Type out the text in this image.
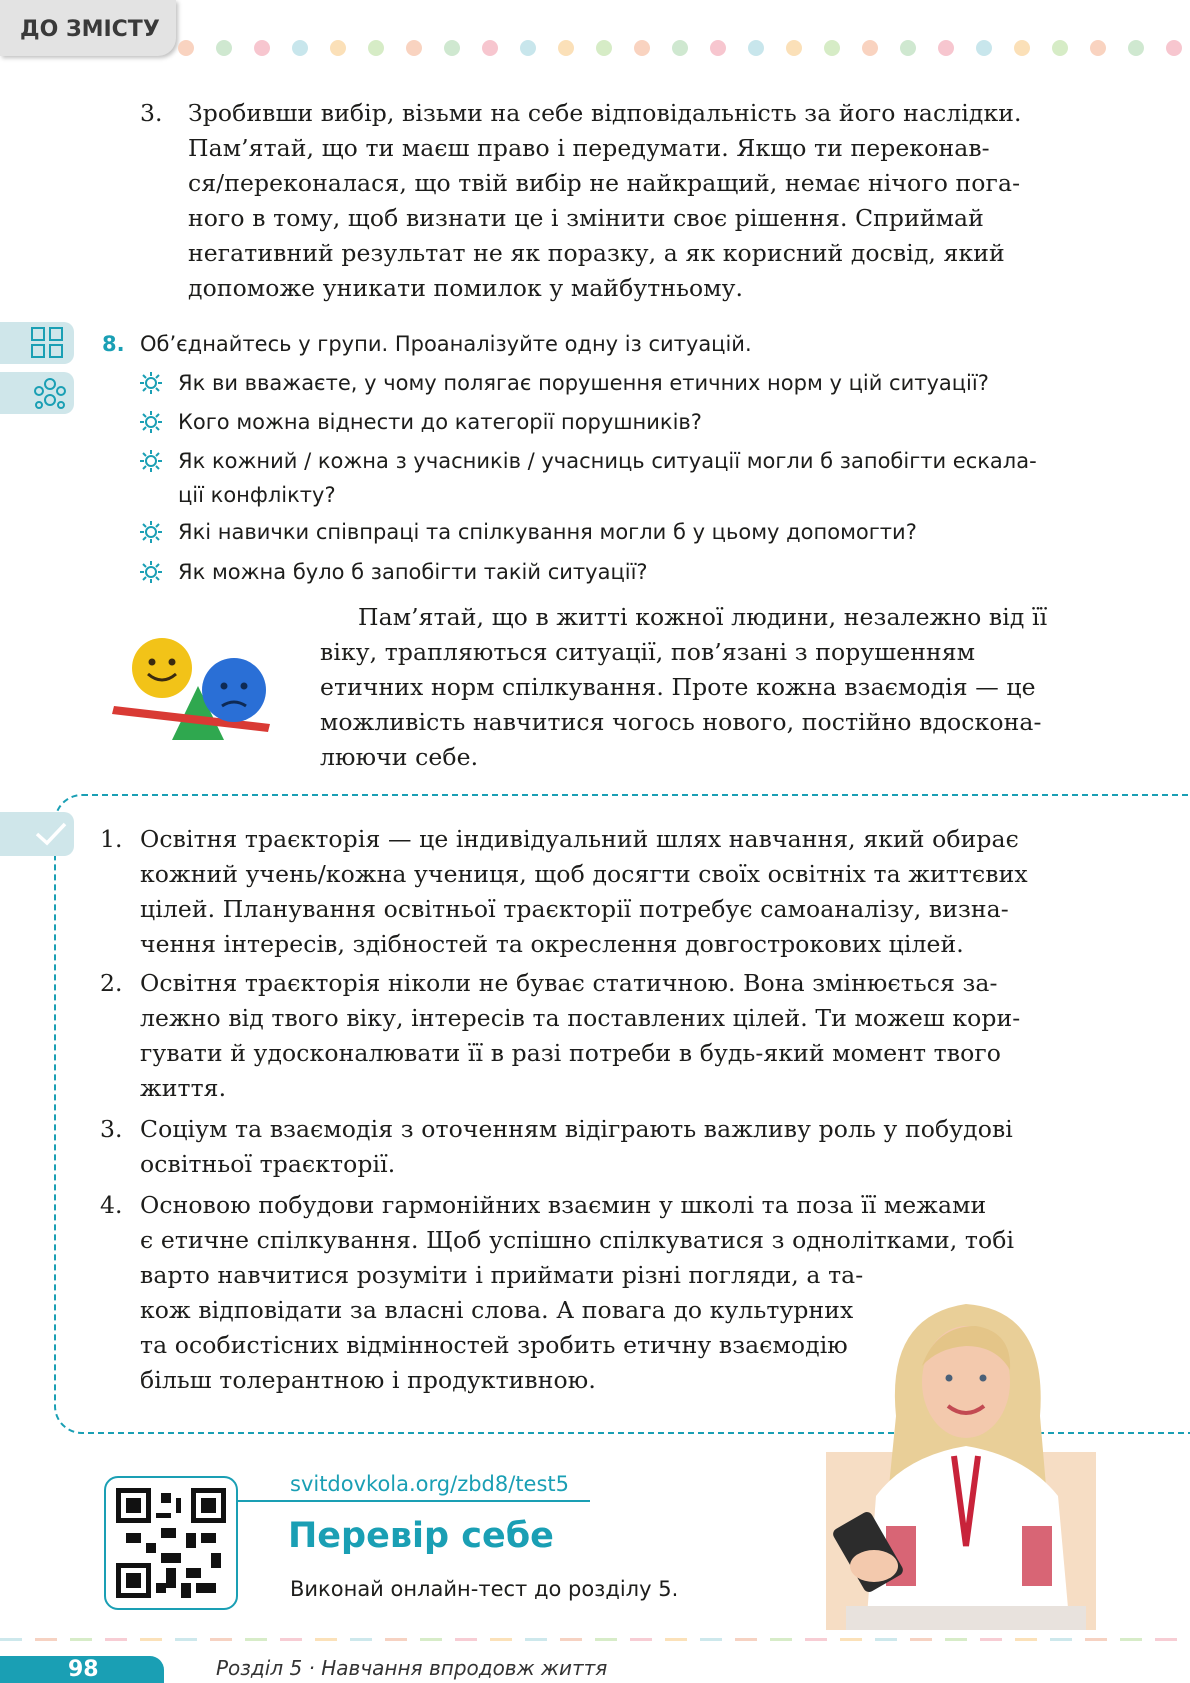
ДО ЗМІСТУ
3. Зробивши вибір, візьми на себе відповідальність за його наслідки.
Пам’ятай, що ти маєш право і передумати. Якщо ти переконав-
ся/переконалася, що твій вибір не найкращий, немає нічого пога-
ного в тому, щоб визнати це і змінити своє рішення. Сприймай
негативний результат не як поразку, а як корисний досвід, який
допоможе уникати помилок у майбутньому.
8. Об’єднайтесь у групи. Проаналізуйте одну із ситуацій.
Як ви вважаєте, у чому полягає порушення етичних норм у цій ситуації?
Кого можна віднести до категорії порушників?
Як кожний / кожна з учасників / учасниць ситуації могли б запобігти ескала-
ції конфлікту?
Які навички співпраці та спілкування могли б у цьому допомогти?
Як можна було б запобігти такій ситуації?
Пам’ятай, що в житті кожної людини, незалежно від її
віку, трапляються ситуації, пов’язані з порушенням
етичних норм спілкування. Проте кожна взаємодія — це
можливість навчитися чогось нового, постійно вдоскона-
люючи себе.
1. Освітня траєкторія — це індивідуальний шлях навчання, який обирає
кожний учень/кожна учениця, щоб досягти своїх освітніх та життєвих
цілей. Планування освітньої траєкторії потребує самоаналізу, визна-
чення інтересів, здібностей та окреслення довгострокових цілей.
2. Освітня траєкторія ніколи не буває статичною. Вона змінюється за-
лежно від твого віку, інтересів та поставлених цілей. Ти можеш кори-
гувати й удосконалювати її в разі потреби в будь-який момент твого
життя.
3. Соціум та взаємодія з оточенням відіграють важливу роль у побудові
освітньої траєкторії.
4. Основою побудови гармонійних взаємин у школі та поза її межами
є етичне спілкування. Щоб успішно спілкуватися з однолітками, тобі
варто навчитися розуміти і приймати різні погляди, а та-
кож відповідати за власні слова. А повага до культурних
та особистісних відмінностей зробить етичну взаємодію
більш толерантною і продуктивною.
svitdovkola.org/zbd8/test5
Перевір себе
Виконай онлайн-тест до розділу 5.
98	Розділ 5 · Навчання впродовж життя
